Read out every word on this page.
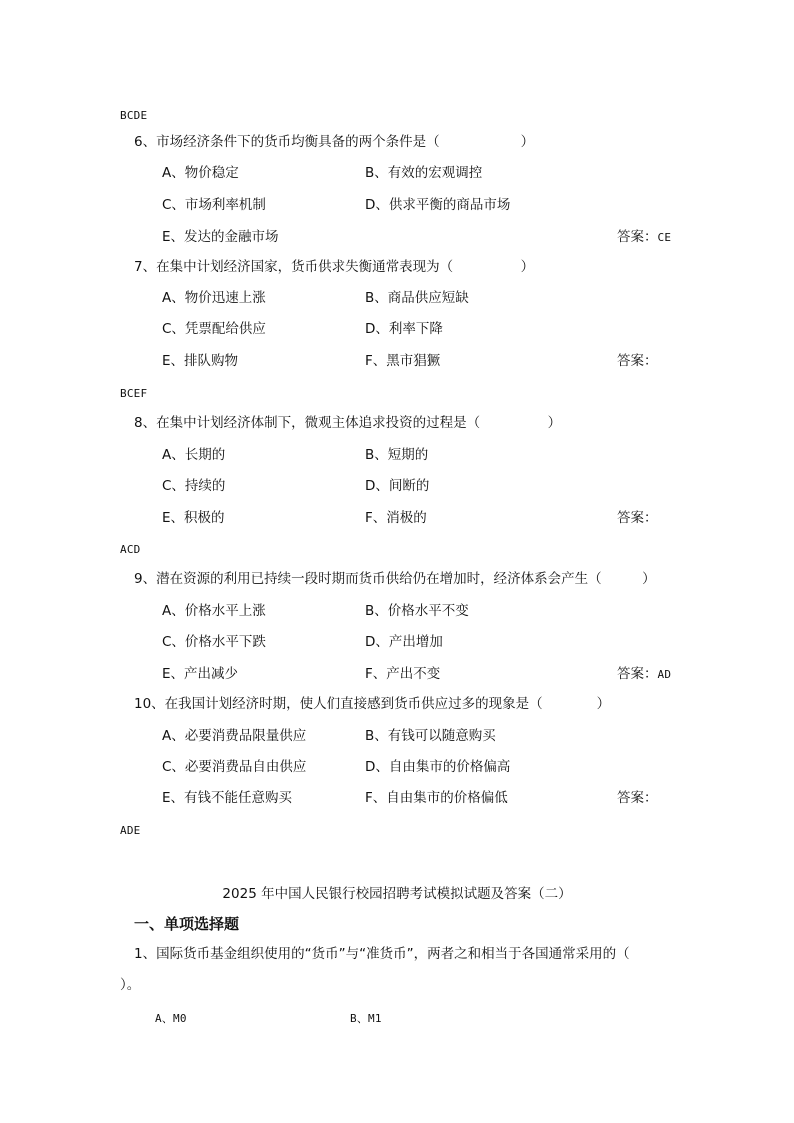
BCDE
6、市场经济条件下的货币均衡具备的两个条件是（　　　　　　）
A、物价稳定	B、有效的宏观调控
C、市场利率机制	D、供求平衡的商品市场
E、发达的金融市场	答案：CE
7、在集中计划经济国家，货币供求失衡通常表现为（　　　　　）
A、物价迅速上涨	B、商品供应短缺
C、凭票配给供应	D、利率下降
E、排队购物	F、黑市猖獗	答案：
BCEF
8、在集中计划经济体制下，微观主体追求投资的过程是（　　　　　）
A、长期的	B、短期的
C、持续的	D、间断的
E、积极的	F、消极的	答案：
ACD
9、潜在资源的利用已持续一段时期而货币供给仍在增加时，经济体系会产生（　　　）
A、价格水平上涨	B、价格水平不变
C、价格水平下跌	D、产出增加
E、产出减少	F、产出不变	答案：AD
10、在我国计划经济时期，使人们直接感到货币供应过多的现象是（　　　　）
A、必要消费品限量供应	B、有钱可以随意购买
C、必要消费品自由供应	D、自由集市的价格偏高
E、有钱不能任意购买	F、自由集市的价格偏低	答案：
ADE
2025 年中国人民银行校园招聘考试模拟试题及答案（二）
一、单项选择题
1、国际货币基金组织使用的“货币”与“准货币”，两者之和相当于各国通常采用的（
）。
A、M0	B、M1
